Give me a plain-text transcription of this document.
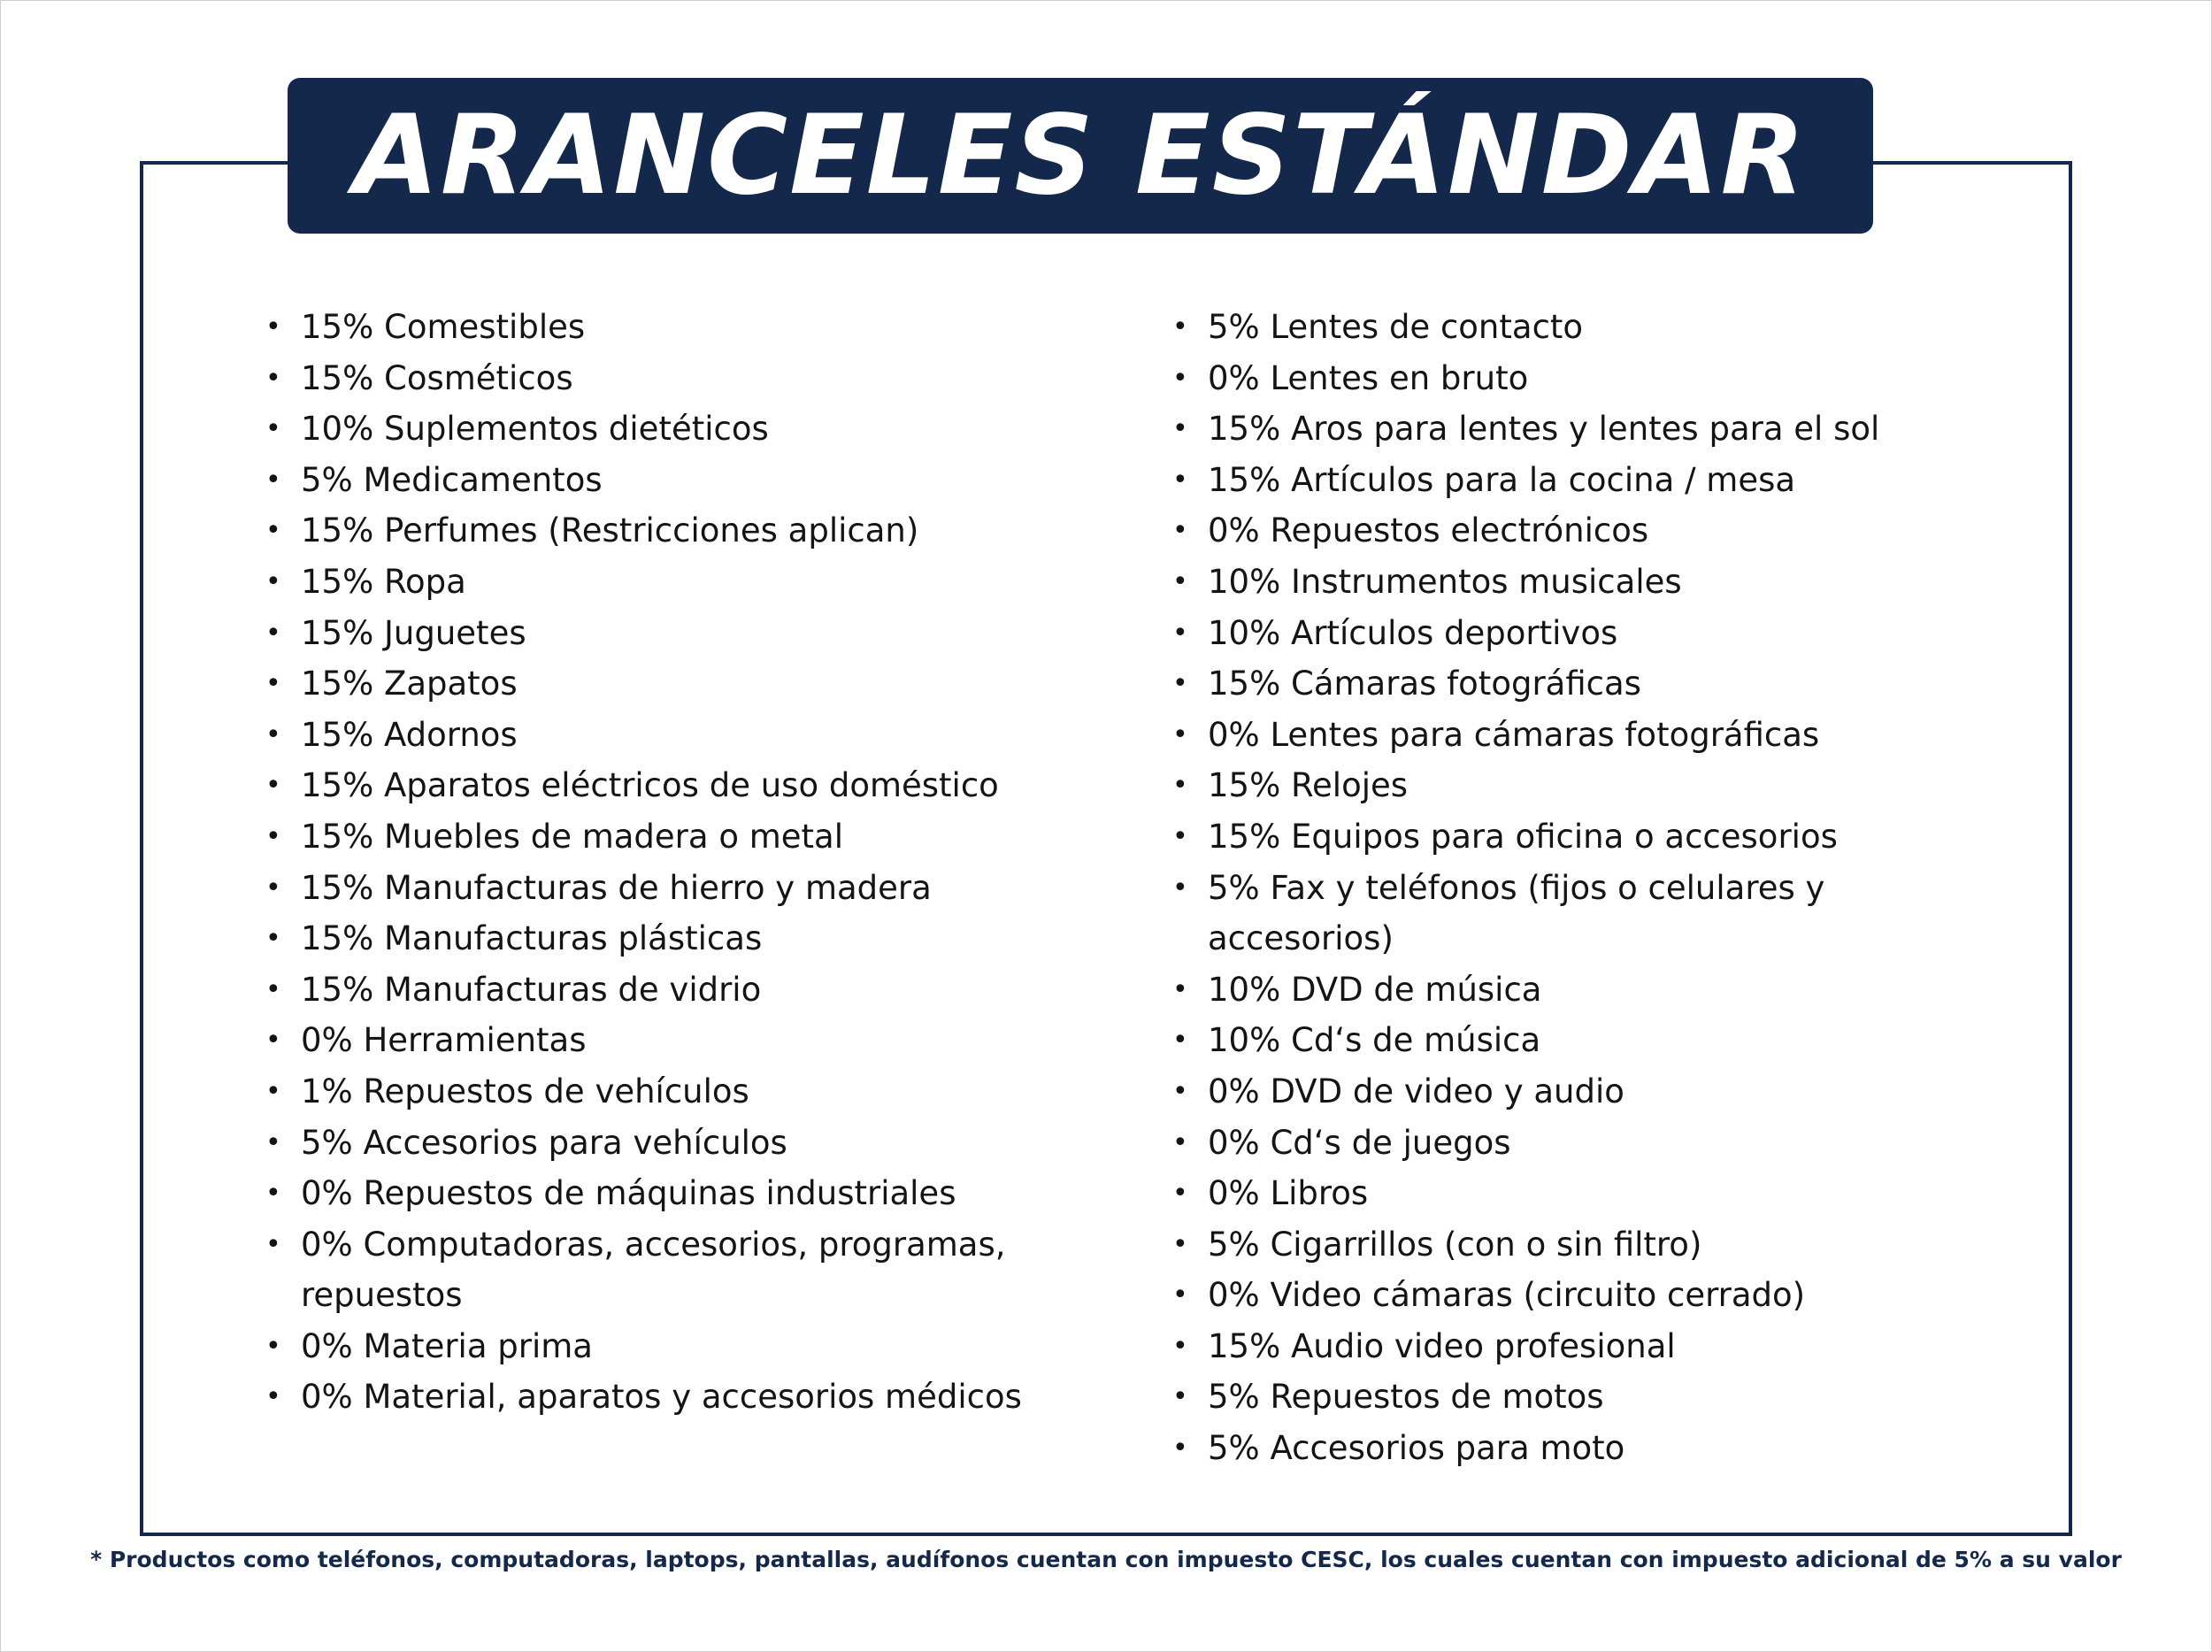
ARANCELES ESTÁNDAR
• 15% Comestibles
• 15% Cosméticos
• 10% Suplementos dietéticos
• 5% Medicamentos
• 15% Perfumes (Restricciones aplican)
• 15% Ropa
• 15% Juguetes
• 15% Zapatos
• 15% Adornos
• 15% Aparatos eléctricos de uso doméstico
• 15% Muebles de madera o metal
• 15% Manufacturas de hierro y madera
• 15% Manufacturas plásticas
• 15% Manufacturas de vidrio
• 0% Herramientas
• 1% Repuestos de vehículos
• 5% Accesorios para vehículos
• 0% Repuestos de máquinas industriales
• 0% Computadoras, accesorios, programas, repuestos
• 0% Materia prima
• 0% Material, aparatos y accesorios médicos
• 5% Lentes de contacto
• 0% Lentes en bruto
• 15% Aros para lentes y lentes para el sol
• 15% Artículos para la cocina / mesa
• 0% Repuestos electrónicos
• 10% Instrumentos musicales
• 10% Artículos deportivos
• 15% Cámaras fotográficas
• 0% Lentes para cámaras fotográficas
• 15% Relojes
• 15% Equipos para oficina o accesorios
• 5% Fax y teléfonos (fijos o celulares y accesorios)
• 10% DVD de música
• 10% Cd‘s de música
• 0% DVD de video y audio
• 0% Cd‘s de juegos
• 0% Libros
• 5% Cigarrillos (con o sin filtro)
• 0% Video cámaras (circuito cerrado)
• 15% Audio video profesional
• 5% Repuestos de motos
• 5% Accesorios para moto
* Productos como teléfonos, computadoras, laptops, pantallas, audífonos cuentan con impuesto CESC, los cuales cuentan con impuesto adicional de 5% a su valor
